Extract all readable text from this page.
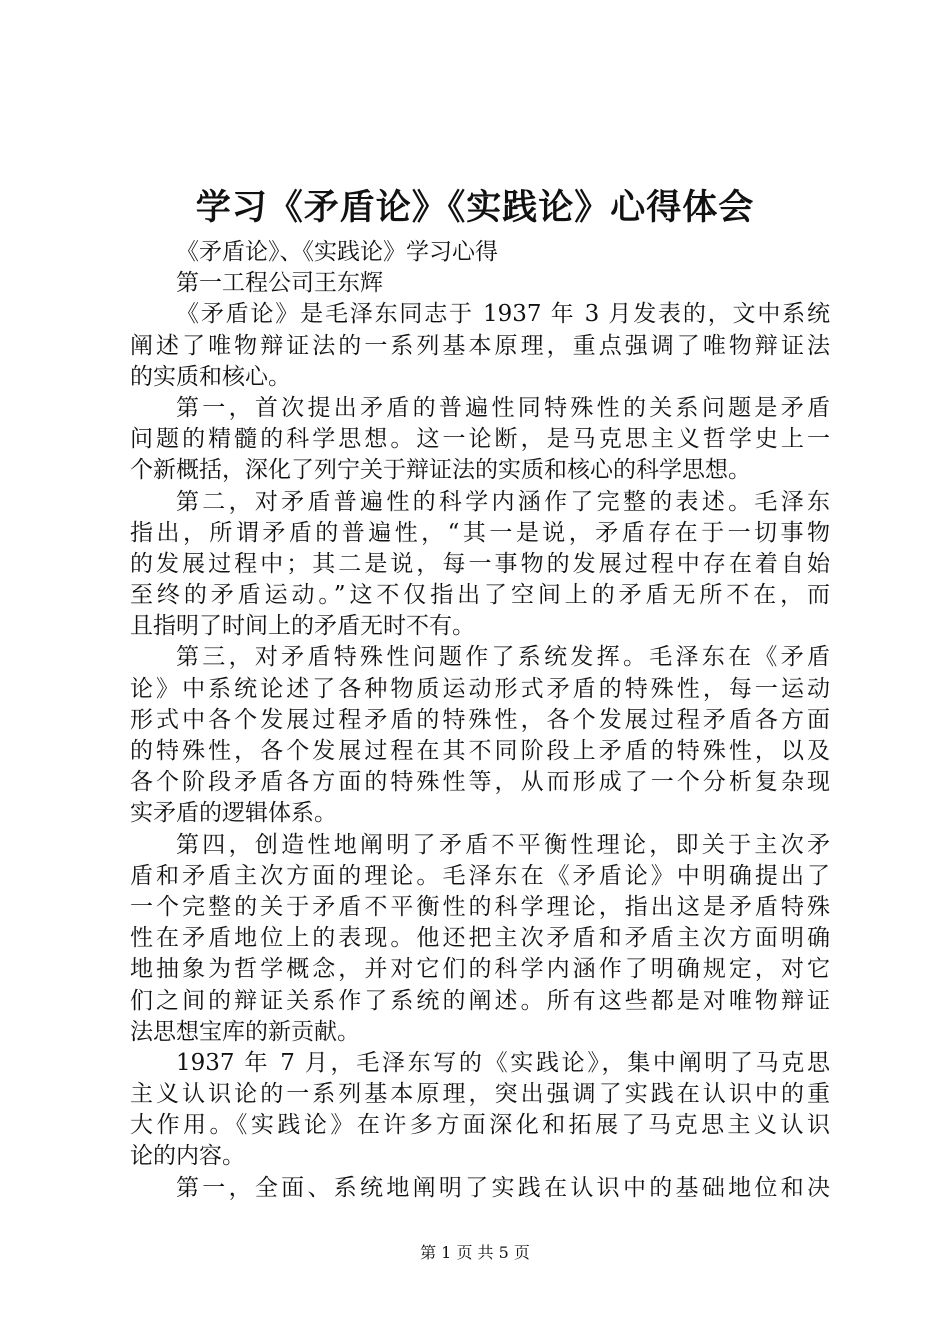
学习《矛盾论》《实践论》心得体会

《矛盾论》、《实践论》学习心得

第一工程公司王东辉

《矛盾论》是毛泽东同志于 1937 年 3 月发表的，文中系统

阐述了唯物辩证法的一系列基本原理，重点强调了唯物辩证法

的实质和核心。

第一，首次提出矛盾的普遍性同特殊性的关系问题是矛盾

问题的精髓的科学思想。这一论断，是马克思主义哲学史上一

个新概括，深化了列宁关于辩证法的实质和核心的科学思想。

第二，对矛盾普遍性的科学内涵作了完整的表述。毛泽东

指出，所谓矛盾的普遍性，“其一是说，矛盾存在于一切事物

的发展过程中；其二是说，每一事物的发展过程中存在着自始

至终的矛盾运动。”这不仅指出了空间上的矛盾无所不在，而

且指明了时间上的矛盾无时不有。

第三，对矛盾特殊性问题作了系统发挥。毛泽东在《矛盾

论》中系统论述了各种物质运动形式矛盾的特殊性，每一运动

形式中各个发展过程矛盾的特殊性，各个发展过程矛盾各方面

的特殊性，各个发展过程在其不同阶段上矛盾的特殊性，以及

各个阶段矛盾各方面的特殊性等，从而形成了一个分析复杂现

实矛盾的逻辑体系。

第四，创造性地阐明了矛盾不平衡性理论，即关于主次矛

盾和矛盾主次方面的理论。毛泽东在《矛盾论》中明确提出了

一个完整的关于矛盾不平衡性的科学理论，指出这是矛盾特殊

性在矛盾地位上的表现。他还把主次矛盾和矛盾主次方面明确

地抽象为哲学概念，并对它们的科学内涵作了明确规定，对它

们之间的辩证关系作了系统的阐述。所有这些都是对唯物辩证

法思想宝库的新贡献。

1937 年 7 月，毛泽东写的《实践论》，集中阐明了马克思

主义认识论的一系列基本原理，突出强调了实践在认识中的重

大作用。《实践论》在许多方面深化和拓展了马克思主义认识

论的内容。

第一，全面、系统地阐明了实践在认识中的基础地位和决

第 1 页 共 5 页
